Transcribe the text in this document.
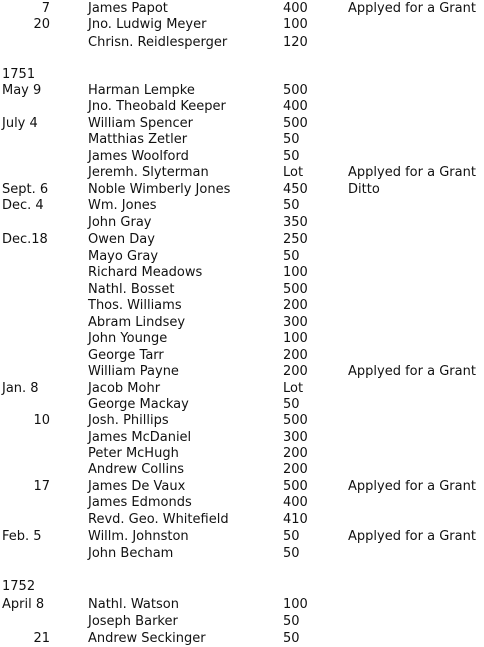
7	James Papot	400	Applyed for a Grant
20	Jno. Ludwig Meyer	100
Chrisn. Reidlesperger	120
1751
May 9	Harman Lempke	500
Jno. Theobald Keeper	400
July 4	William Spencer	500
Matthias Zetler	50
James Woolford	50
Jeremh. Slyterman	Lot	Applyed for a Grant
Sept. 6	Noble Wimberly Jones	450	Ditto
Dec. 4	Wm. Jones	50
John Gray	350
Dec.18	Owen Day	250
Mayo Gray	50
Richard Meadows	100
Nathl. Bosset	500
Thos. Williams	200
Abram Lindsey	300
John Younge	100
George Tarr	200
William Payne	200	Applyed for a Grant
Jan. 8	Jacob Mohr	Lot
George Mackay	50
10	Josh. Phillips	500
James McDaniel	300
Peter McHugh	200
Andrew Collins	200
17	James De Vaux	500	Applyed for a Grant
James Edmonds	400
Revd. Geo. Whitefield	410
Feb. 5	Willm. Johnston	50	Applyed for a Grant
John Becham	50
1752
April 8	Nathl. Watson	100
Joseph Barker	50
21	Andrew Seckinger	50
